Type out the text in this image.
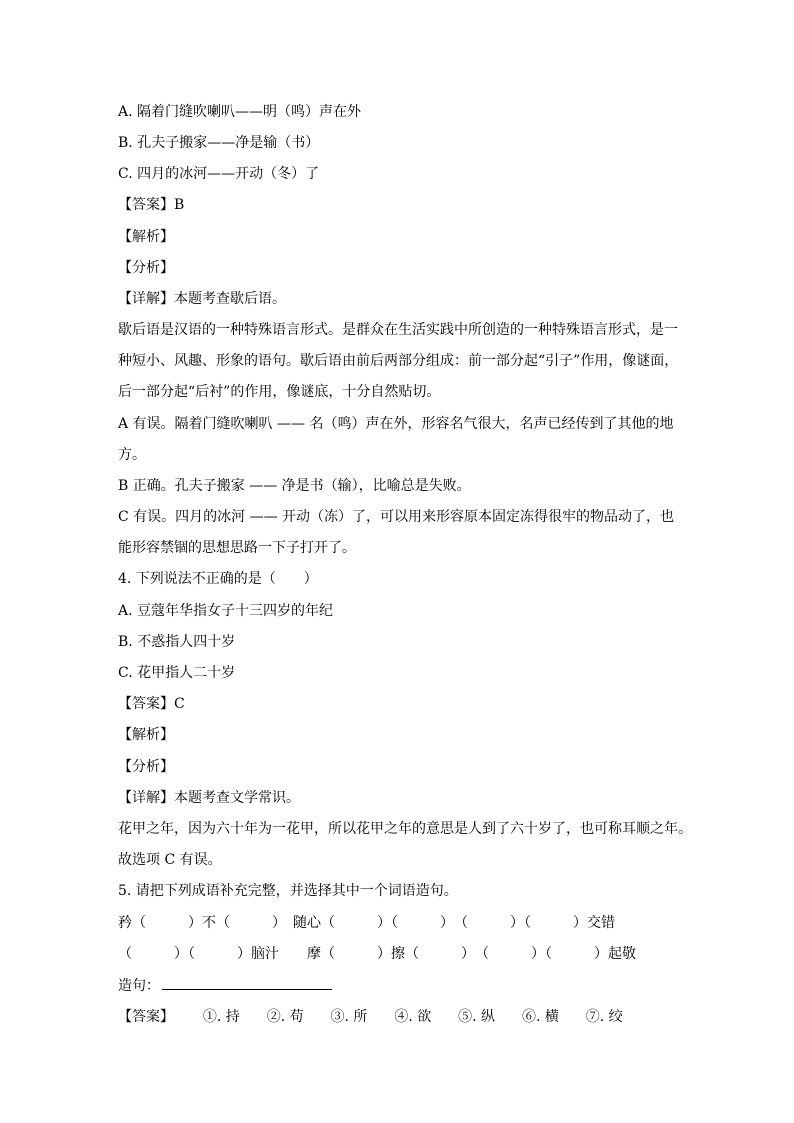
A. 隔着门缝吹喇叭——明（鸣）声在外
B. 孔夫子搬家——净是输（书）
C. 四月的冰河——开动（冬）了
【答案】B
【解析】
【分析】
【详解】本题考查歇后语。
歇后语是汉语的一种特殊语言形式。是群众在生活实践中所创造的一种特殊语言形式，是一
种短小、风趣、形象的语句。歇后语由前后两部分组成：前一部分起“引子”作用，像谜面，
后一部分起“后衬”的作用，像谜底，十分自然贴切。
A 有误。隔着门缝吹喇叭 —— 名（鸣）声在外，形容名气很大，名声已经传到了其他的地
方。
B 正确。孔夫子搬家 —— 净是书（输），比喻总是失败。
C 有误。四月的冰河 —— 开动（冻）了，可以用来形容原本固定冻得很牢的物品动了，也
能形容禁锢的思想思路一下子打开了。
4. 下列说法不正确的是（　　）
A. 豆蔻年华指女子十三四岁的年纪
B. 不惑指人四十岁
C. 花甲指人二十岁
【答案】C
【解析】
【分析】
【详解】本题考查文学常识。
花甲之年，因为六十年为一花甲，所以花甲之年的意思是人到了六十岁了，也可称耳顺之年。
故选项 C 有误。
5. 请把下列成语补充完整，并选择其中一个词语造句。
矜（　　　）不（　　　）　随心（　　　）（　　　）　（　　　）（　　　）交错
（　　　）（　　　）脑汁　　摩（　　　）擦（　　　）　（　　　）（　　　）起敬
造句：
【答案】 ①. 持 ②. 苟 ③. 所 ④. 欲 ⑤. 纵 ⑥. 横 ⑦. 绞
